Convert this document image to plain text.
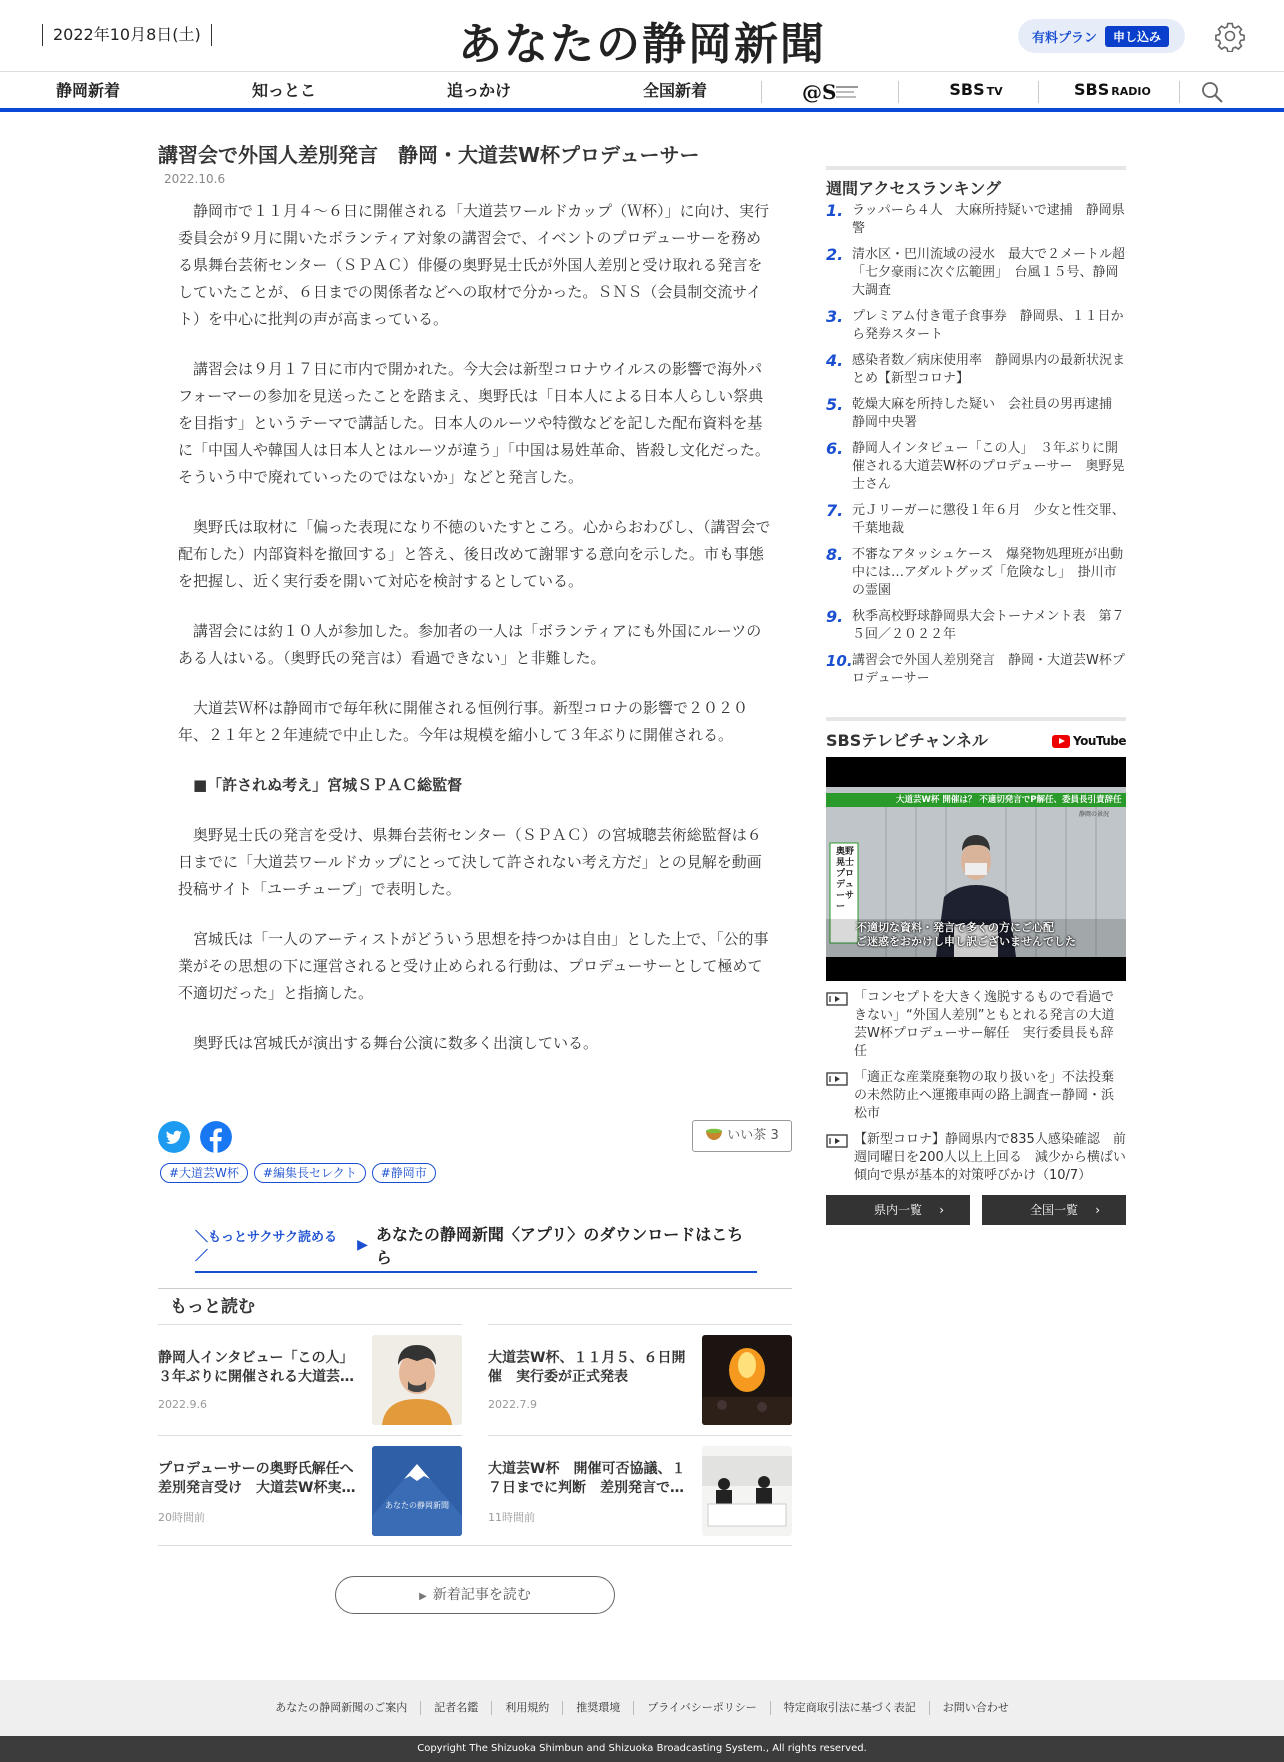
2022年10月8日(土)	あなたの静岡新聞	有料プラン	申し込み
静岡新着	知っとこ	追っかけ	全国新着	@S	SBS TV	SBS RADIO
講習会で外国人差別発言　静岡・大道芸W杯プロデューサー
2022.10.6

静岡市で１１月４～６日に開催される「大道芸ワールドカップ（Ｗ杯）」に向け、実行委員会が９月に開いたボランティア対象の講習会で、イベントのプロデューサーを務める県舞台芸術センター（ＳＰＡＣ）俳優の奥野晃士氏が外国人差別と受け取れる発言をしていたことが、６日までの関係者などへの取材で分かった。ＳＮＳ（会員制交流サイト）を中心に批判の声が高まっている。

講習会は９月１７日に市内で開かれた。今大会は新型コロナウイルスの影響で海外パフォーマーの参加を見送ったことを踏まえ、奥野氏は「日本人による日本人らしい祭典を目指す」というテーマで講話した。日本人のルーツや特徴などを記した配布資料を基に「中国人や韓国人は日本人とはルーツが違う」「中国は易姓革命、皆殺し文化だった。そういう中で廃れていったのではないか」などと発言した。

奥野氏は取材に「偏った表現になり不徳のいたすところ。心からおわびし、（講習会で配布した）内部資料を撤回する」と答え、後日改めて謝罪する意向を示した。市も事態を把握し、近く実行委を開いて対応を検討するとしている。

講習会には約１０人が参加した。参加者の一人は「ボランティアにも外国にルーツのある人はいる。（奥野氏の発言は）看過できない」と非難した。

大道芸Ｗ杯は静岡市で毎年秋に開催される恒例行事。新型コロナの影響で２０２０年、２１年と２年連続で中止した。今年は規模を縮小して３年ぶりに開催される。

■「許されぬ考え」宮城ＳＰＡＣ総監督

奥野晃士氏の発言を受け、県舞台芸術センター（ＳＰＡＣ）の宮城聰芸術総監督は６日までに「大道芸ワールドカップにとって決して許されない考え方だ」との見解を動画投稿サイト「ユーチューブ」で表明した。

宮城氏は「一人のアーティストがどういう思想を持つかは自由」とした上で、「公的事業がその思想の下に運営されると受け止められる行動は、プロデューサーとして極めて不適切だった」と指摘した。

奥野氏は宮城氏が演出する舞台公演に数多く出演している。

いい茶 3
#大道芸W杯	#編集長セレクト	#静岡市
＼もっとサクサク読める／
▶
あなたの静岡新聞〈アプリ〉のダウンロードはこちら
もっと読む
静岡人インタビュー「この人」 ３年ぶりに開催される大道芸…
2022.9.6
大道芸W杯、１１月５、６日開催　実行委が正式発表
2022.7.9
プロデューサーの奥野氏解任へ 差別発言受け　大道芸W杯実…
20時間前
あなたの静岡新聞
大道芸W杯　開催可否協議、１７日までに判断　差別発言で…
11時間前
▶ 新着記事を読む
週間アクセスランキング
1. ラッパーら４人　大麻所持疑いで逮捕　静岡県警
2. 清水区・巴川流域の浸水　最大で２メートル超 「七夕豪雨に次ぐ広範囲」　台風１５号、静岡大調査
3. プレミアム付き電子食事券　静岡県、１１日から発券スタート
4. 感染者数／病床使用率　静岡県内の最新状況まとめ【新型コロナ】
5. 乾燥大麻を所持した疑い　会社員の男再逮捕　静岡中央署
6. 静岡人インタビュー「この人」　３年ぶりに開催される大道芸W杯のプロデューサー　奥野晃士さん
7. 元Ｊリーガーに懲役１年６月　少女と性交罪、千葉地裁
8. 不審なアタッシュケース　爆発物処理班が出動 中には…アダルトグッズ「危険なし」　掛川市の霊園
9. 秋季高校野球静岡県大会トーナメント表　第７５回／２０２２年
10. 講習会で外国人差別発言　静岡・大道芸W杯プロデューサー
SBSテレビチャンネル	YouTube
大道芸W杯 開催は？ 不適切発言でP解任、委員長引責辞任
静岡の景況
奥野晃士プロデューサー
不適切な資料・発言で多くの方にご心配
ご迷惑をおかけし申し訳ございませんでした
「コンセプトを大きく逸脱するもので看過できない」“外国人差別”ともとれる発言の大道芸W杯プロデューサー解任　実行委員長も辞任
「適正な産業廃棄物の取り扱いを」不法投棄の未然防止へ運搬車両の路上調査ー静岡・浜松市
【新型コロナ】静岡県内で835人感染確認　前週同曜日を200人以上上回る　減少から横ばい傾向で県が基本的対策呼びかけ（10/7）
県内一覧 ›	全国一覧 ›
あなたの静岡新聞のご案内	記者名鑑	利用規約	推奨環境	プライバシーポリシー	特定商取引法に基づく表記	お問い合わせ
Copyright The Shizuoka Shimbun and Shizuoka Broadcasting System., All rights reserved.
